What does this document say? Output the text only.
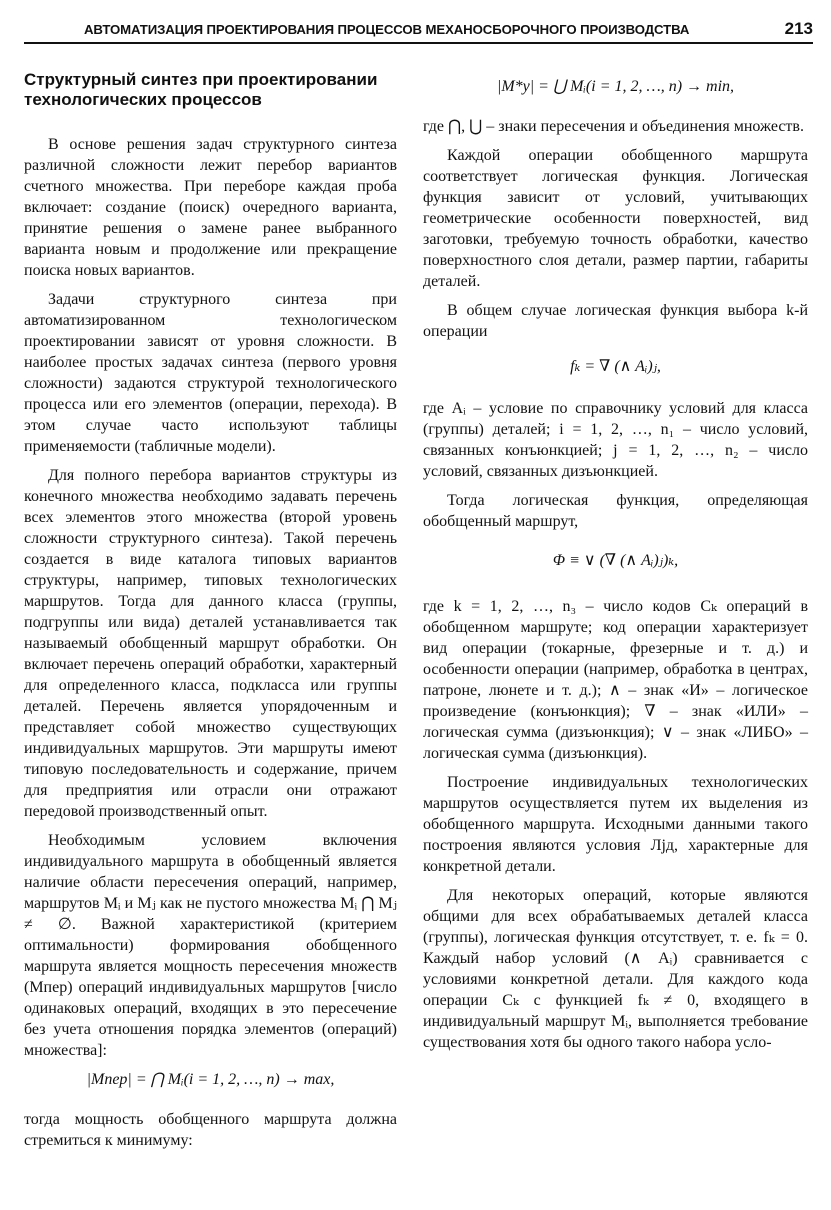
АВТОМАТИЗАЦИЯ ПРОЕКТИРОВАНИЯ ПРОЦЕССОВ МЕХАНОСБОРОЧНОГО ПРОИЗВОДСТВА	213
Структурный синтез при проектировании технологических процессов

В основе решения задач структурного синтеза различной сложности лежит перебор вариантов счетного множества. При переборе каждая проба включает: создание (поиск) очередного варианта, принятие решения о замене ранее выбранного варианта новым и продолжение или прекращение поиска новых вариантов.

Задачи структурного синтеза при автоматизированном технологическом проектировании зависят от уровня сложности. В наиболее простых задачах синтеза (первого уровня сложности) задаются структурой технологического процесса или его элементов (операции, перехода). В этом случае часто используют таблицы применяемости (табличные модели).

Для полного перебора вариантов структуры из конечного множества необходимо задавать перечень всех элементов этого множества (второй уровень сложности структурного синтеза). Такой перечень создается в виде каталога типовых вариантов структуры, например, типовых технологических маршрутов. Тогда для данного класса (группы, подгруппы или вида) деталей устанавливается так называемый обобщенный маршрут обработки. Он включает перечень операций обработки, характерный для определенного класса, подкласса или группы деталей. Перечень является упорядоченным и представляет собой множество существующих индивидуальных маршрутов. Эти маршруты имеют типовую последовательность и содержание, причем для предприятия или отрасли они отражают передовой производственный опыт.

Необходимым условием включения индивидуального маршрута в обобщенный является наличие области пересечения операций, например, маршрутов Mᵢ и Mⱼ как не пустого множества Mᵢ ⋂ Mⱼ ≠ ∅. Важной характеристикой (критерием оптимальности) формирования обобщенного маршрута является мощность пересечения множеств (Mпер) операций индивидуальных маршрутов [число одинаковых операций, входящих в это пересечение без учета отношения порядка элементов (операций) множества]:

|Mпер| = ⋂ Mᵢ(i = 1, 2, …, n) → max,

тогда мощность обобщенного маршрута должна стремиться к минимуму:

|M*у| = ⋃ Mᵢ(i = 1, 2, …, n) → min,

где ⋂, ⋃ – знаки пересечения и объединения множеств.

Каждой операции обобщенного маршрута соответствует логическая функция. Логическая функция зависит от условий, учитывающих геометрические особенности поверхностей, вид заготовки, требуемую точность обработки, качество поверхностного слоя детали, размер партии, габариты деталей.

В общем случае логическая функция выбора k-й операции

fₖ = ∇ (∧ Aᵢ)ⱼ,

где Aᵢ – условие по справочнику условий для класса (группы) деталей; i = 1, 2, …, n₁ – число условий, связанных конъюнкцией; j = 1, 2, …, n₂ – число условий, связанных дизъюнкцией.

Тогда логическая функция, определяющая обобщенный маршрут,

Φ ≡ ∨ (∇ (∧ Aᵢ)ⱼ)ₖ,

где k = 1, 2, …, n₃ – число кодов Cₖ операций в обобщенном маршруте; код операции характеризует вид операции (токарные, фрезерные и т. д.) и особенности операции (например, обработка в центрах, патроне, люнете и т. д.); ∧ – знак «И» – логическое произведение (конъюнкция); ∇ – знак «ИЛИ» – логическая сумма (дизъюнкция); ∨ – знак «ЛИБО» – логическая сумма (дизъюнкция).

Построение индивидуальных технологических маршрутов осуществляется путем их выделения из обобщенного маршрута. Исходными данными такого построения являются условия Лjд, характерные для конкретной детали.

Для некоторых операций, которые являются общими для всех обрабатываемых деталей класса (группы), логическая функция отсутствует, т. е. fₖ = 0. Каждый набор условий (∧ Aᵢ) сравнивается с условиями конкретной детали. Для каждого кода операции Cₖ с функцией fₖ ≠ 0, входящего в индивидуальный маршрут Mᵢ, выполняется требование существования хотя бы одного такого набора усло-
